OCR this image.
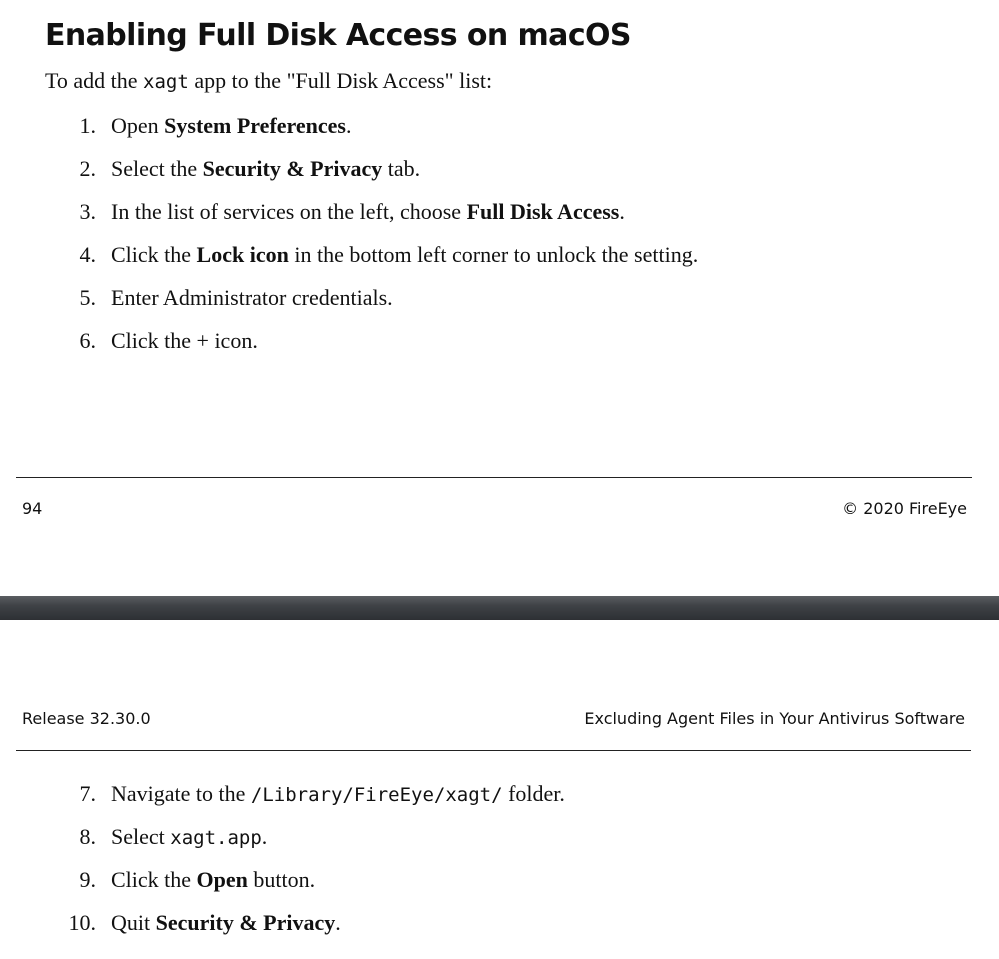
Enabling Full Disk Access on macOS
To add the xagt app to the "Full Disk Access" list:
1. Open System Preferences.
2. Select the Security & Privacy tab.
3. In the list of services on the left, choose Full Disk Access.
4. Click the Lock icon in the bottom left corner to unlock the setting.
5. Enter Administrator credentials.
6. Click the + icon.
94	© 2020 FireEye
Release 32.30.0	Excluding Agent Files in Your Antivirus Software
7. Navigate to the /Library/FireEye/xagt/ folder.
8. Select xagt.app.
9. Click the Open button.
10. Quit Security & Privacy.
